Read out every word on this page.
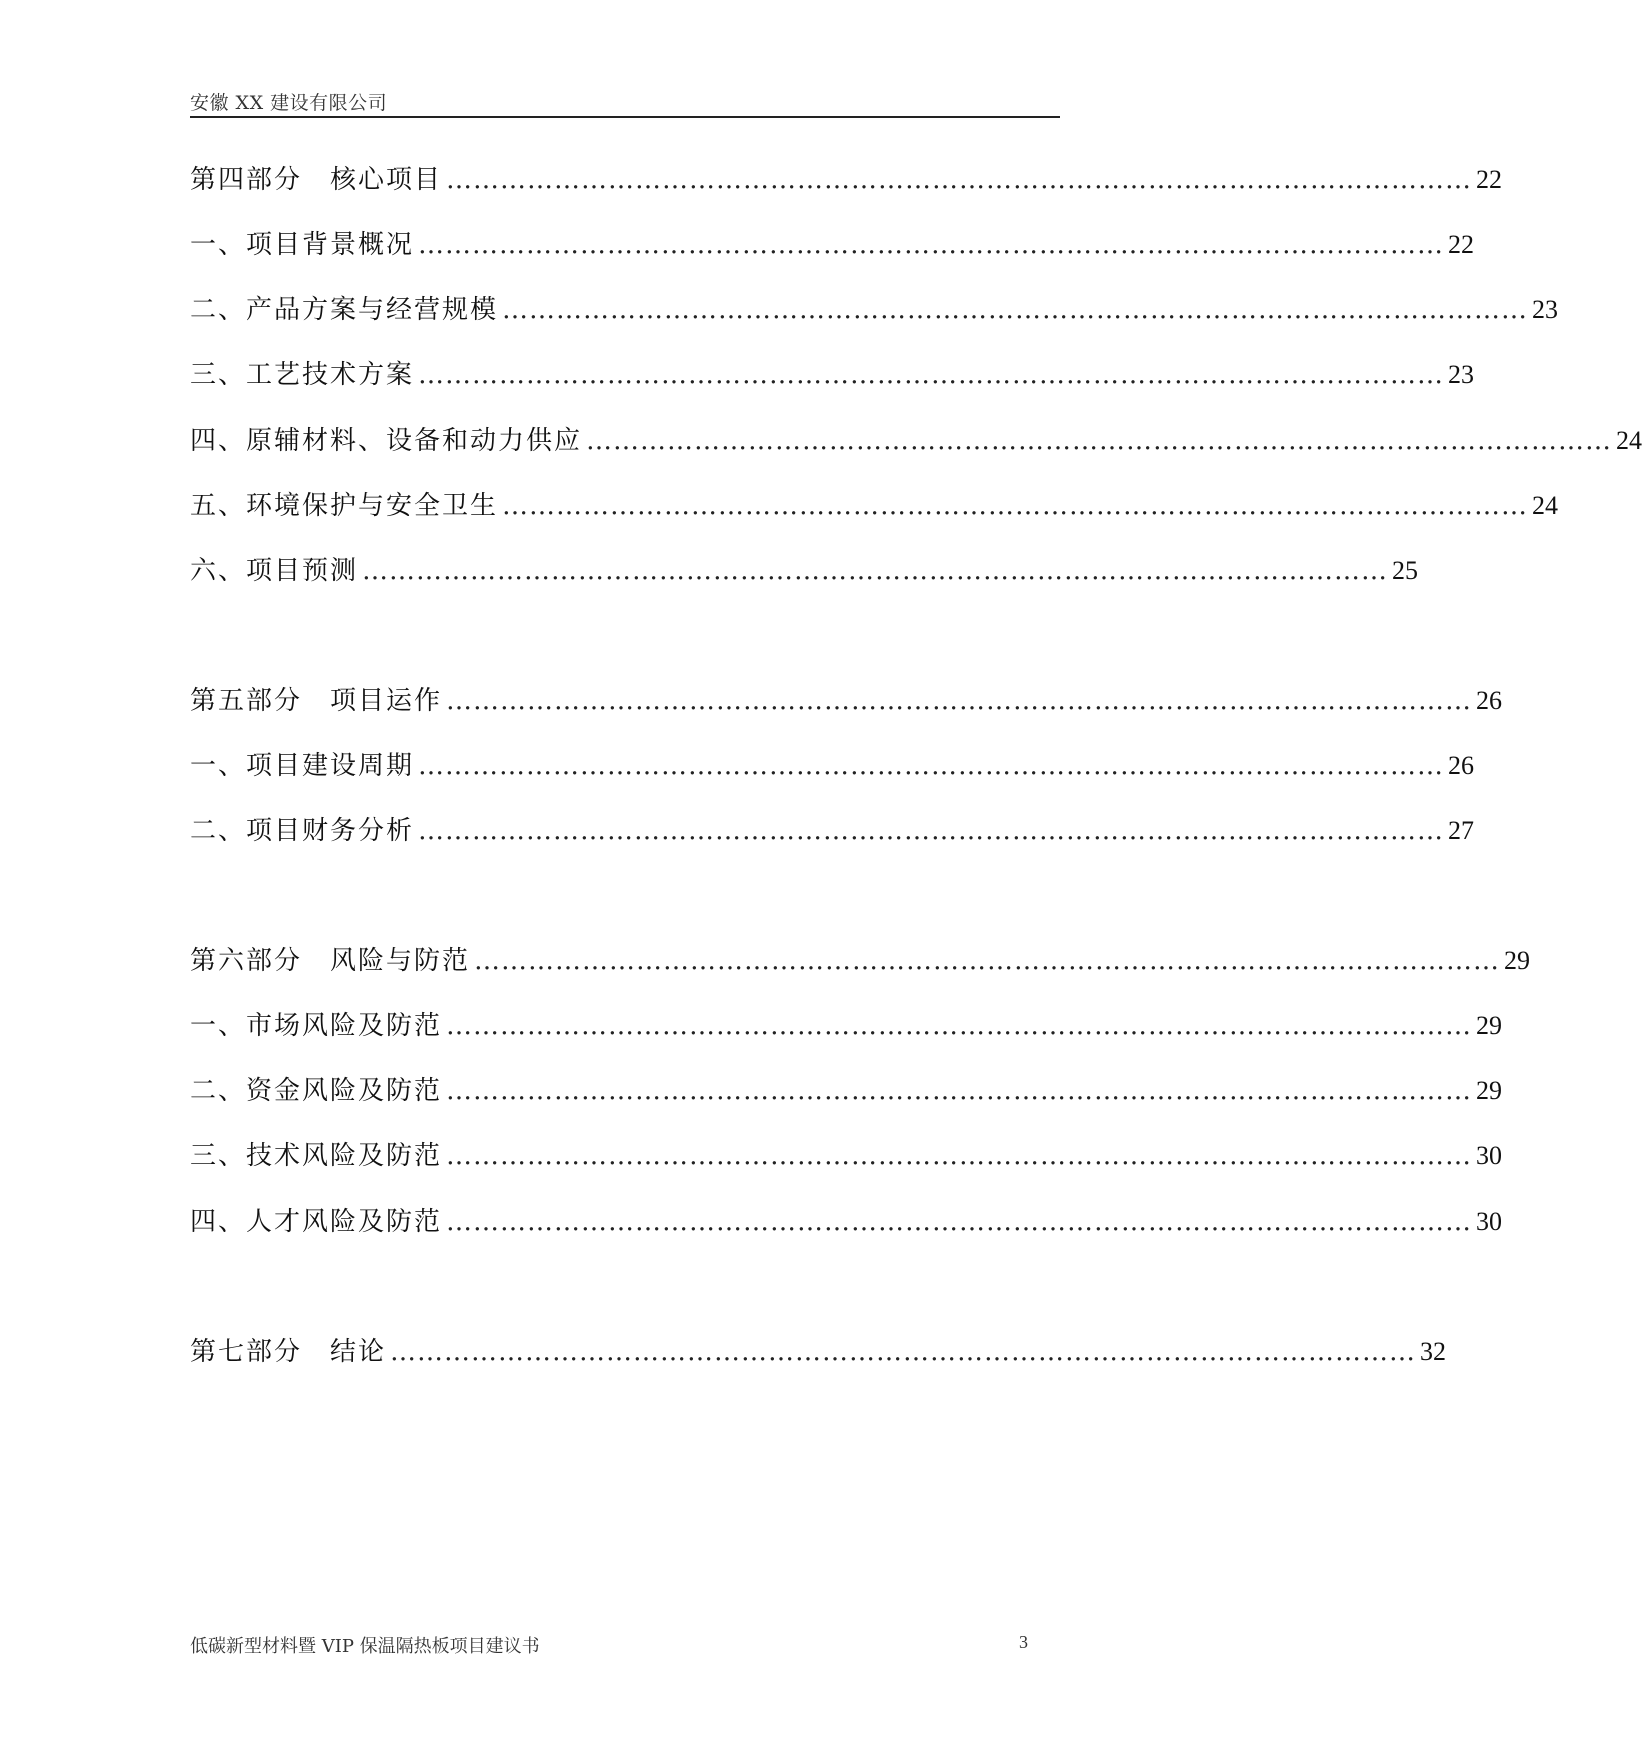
安徽 XX 建设有限公司
第四部分　核心项目 …………………………………………………………………………………………………… 22
一、项目背景概况 …………………………………………………………………………………………………… 22
二、产品方案与经营规模 …………………………………………………………………………………………………… 23
三、工艺技术方案 …………………………………………………………………………………………………… 23
四、原辅材料、设备和动力供应 …………………………………………………………………………………………………… 24
五、环境保护与安全卫生 …………………………………………………………………………………………………… 24
六、项目预测 …………………………………………………………………………………………………… 25
第五部分　项目运作 …………………………………………………………………………………………………… 26
一、项目建设周期 …………………………………………………………………………………………………… 26
二、项目财务分析 …………………………………………………………………………………………………… 27
第六部分　风险与防范 …………………………………………………………………………………………………… 29
一、市场风险及防范 …………………………………………………………………………………………………… 29
二、资金风险及防范 …………………………………………………………………………………………………… 29
三、技术风险及防范 …………………………………………………………………………………………………… 30
四、人才风险及防范 …………………………………………………………………………………………………… 30
第七部分　结论 …………………………………………………………………………………………………… 32
低碳新型材料暨 VIP 保温隔热板项目建议书	3
